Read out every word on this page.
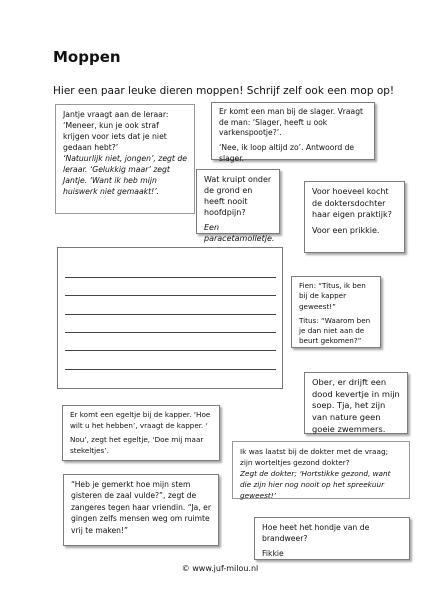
Moppen
Hier een paar leuke dieren moppen! Schrijf zelf ook een mop op!

Jantje vraagt aan de leraar: ‘Meneer, kun je ook straf krijgen voor iets dat je niet gedaan hebt?’

‘Natuurlijk niet, jongen’, zegt de leraar. ‘Gelukkig maar’ zegt Jantje. ‘Want ik heb mijn huiswerk niet gemaakt!’.

Er komt een man bij de slager. Vraagt de man: ‘Slager, heeft u ook varkenspootje?’.

‘Nee, ik loop altijd zo’. Antwoord de slager.

Wat kruipt onder de grond en heeft nooit hoofdpijn?

Een paracetamolletje.

Voor hoeveel kocht de doktersdochter haar eigen praktijk?

Voor een prikkie.

Fien: “Titus, ik ben bij de kapper geweest!”

Titus: “Waarom ben je dan niet aan de beurt gekomen?”

Ober, er drijft een dood kevertje in mijn soep. Tja, het zijn van nature geen goeie zwemmers.

Er komt een egeltje bij de kapper. ‘Hoe wilt u het hebben’, vraagt de kapper. ‘

Nou’, zegt het egeltje, ‘Doe mij maar stekeltjes’.	Ik was laatst bij de dokter met de vraag; zijn worteltjes gezond dokter?

Zegt de dokter; ‘Hortstikke gezond, want die zijn hier nog nooit op het spreekuur geweest!’

“Heb je gemerkt hoe mijn stem gisteren de zaal vulde?”, zegt de zangeres tegen haar vriendin. “Ja, er gingen zelfs mensen weg om ruimte vrij te maken!”	Hoe heet het hondje van de brandweer?

Fikkie

© www.juf-milou.nl
